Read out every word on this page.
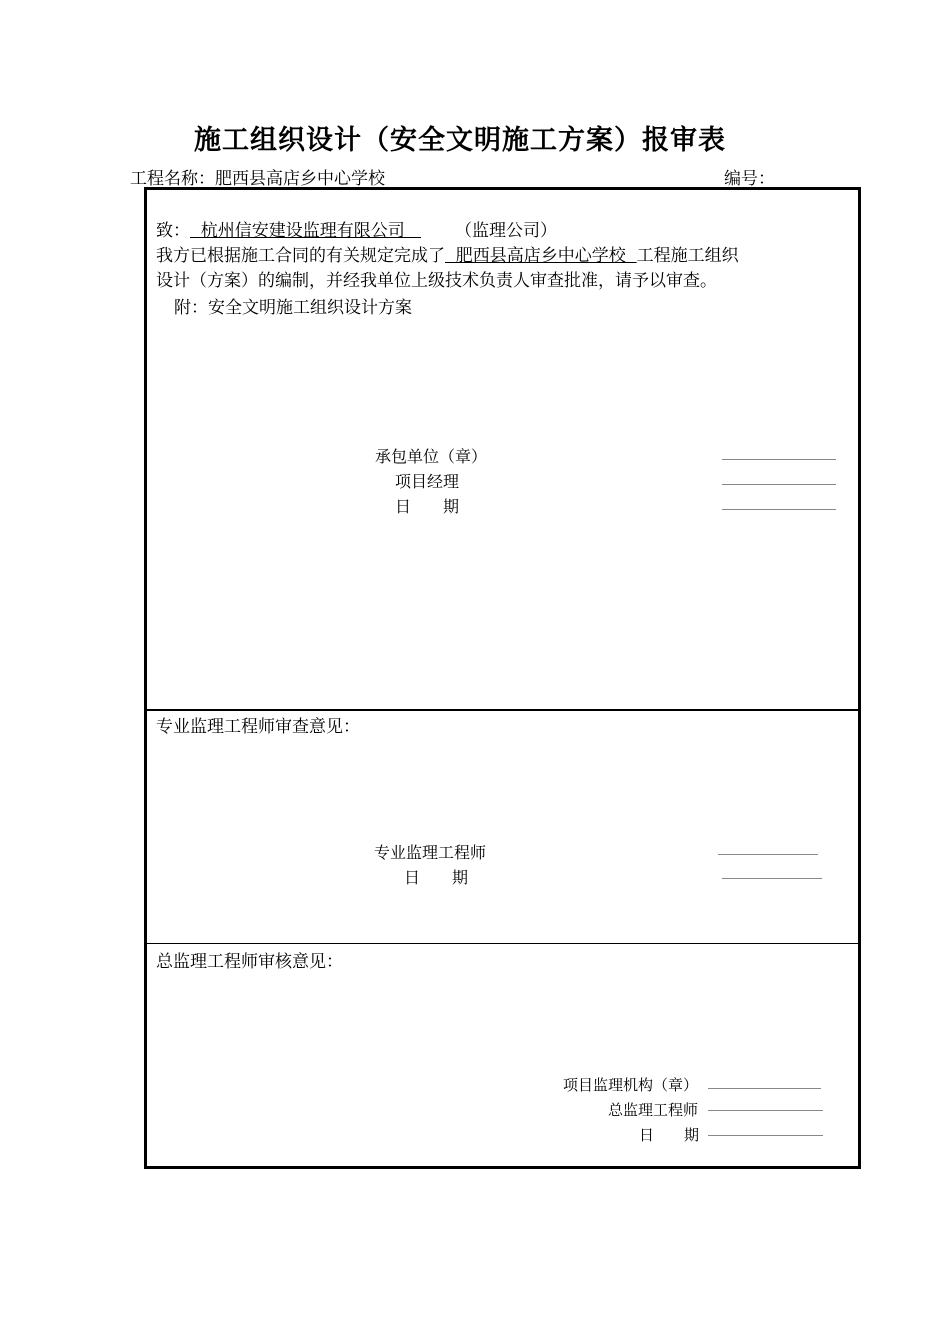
施工组织设计（安全文明施工方案）报审表
工程名称：肥西县高店乡中心学校	编号：
致：  杭州信安建设监理有限公司   （监理公司）
我方已根据施工合同的有关规定完成了  肥西县高店乡中心学校  工程施工组织
设计（方案）的编制，并经我单位上级技术负责人审查批准，请予以审查。
附：安全文明施工组织设计方案
承包单位（章）
项目经理
日　　期
专业监理工程师审查意见：
专业监理工程师
日　　期
总监理工程师审核意见：
项目监理机构（章）
总监理工程师
日　　期
